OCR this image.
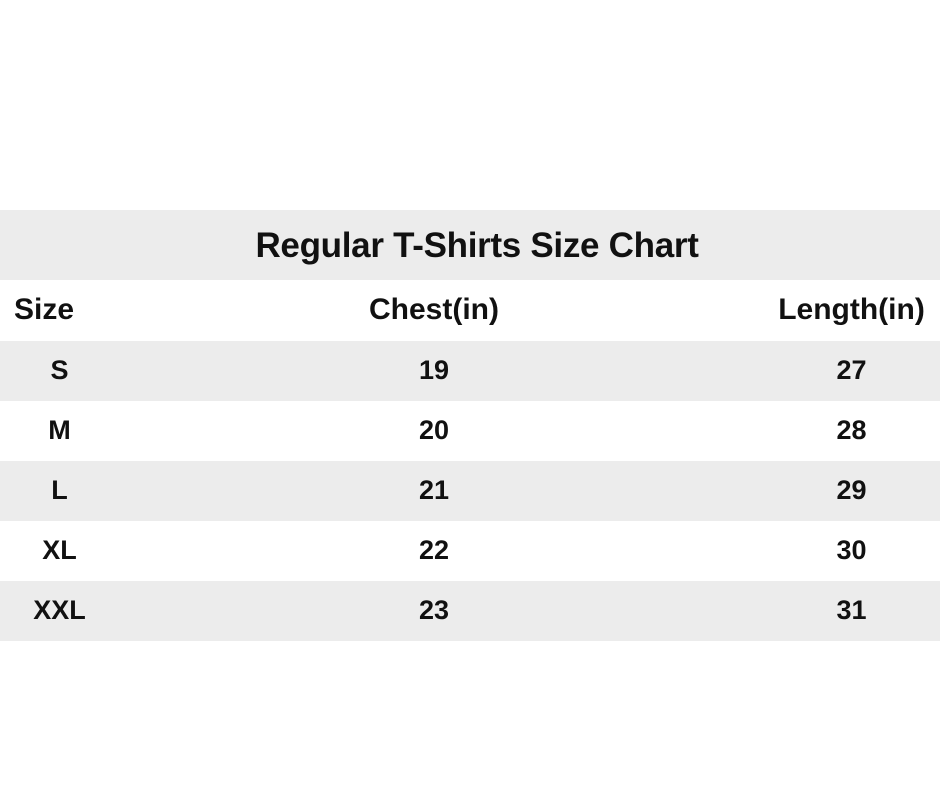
Regular T-Shirts Size Chart
Size	Chest(in)	Length(in)
S	19	27
M	20	28
L	21	29
XL	22	30
XXL	23	31
